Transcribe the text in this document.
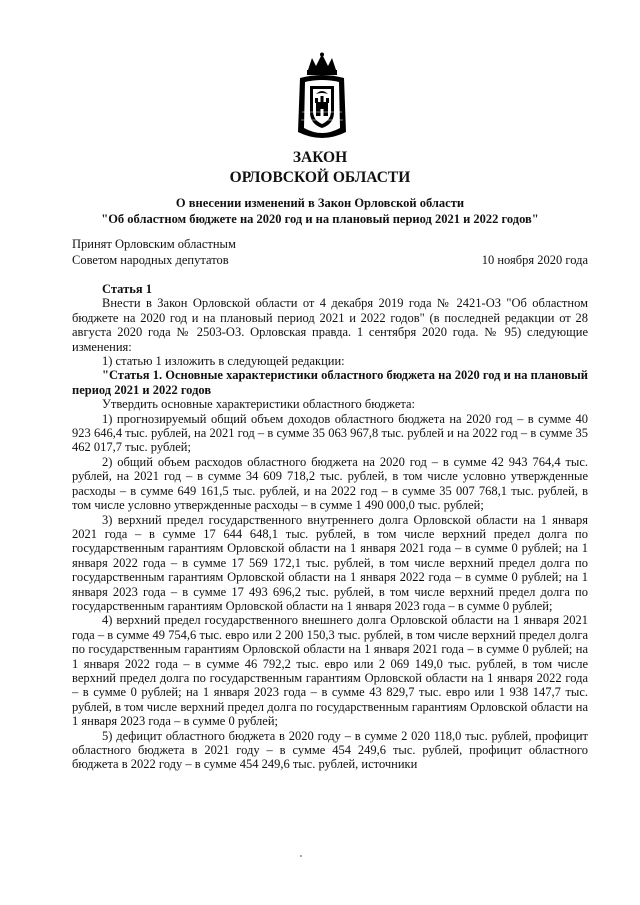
ЗАКОН
ОРЛОВСКОЙ ОБЛАСТИ
О внесении изменений в Закон Орловской области
"Об областном бюджете на 2020 год и на плановый период 2021 и 2022 годов"
Принят Орловским областным
Советом народных депутатов	10 ноября 2020 года

Статья 1

Внести в Закон Орловской области от 4 декабря 2019 года № 2421-ОЗ "Об областном бюджете на 2020 год и на плановый период 2021 и 2022 годов" (в последней редакции от 28 августа 2020 года № 2503-ОЗ. Орловская правда. 1 сентября 2020 года. № 95) следующие изменения:

1) статью 1 изложить в следующей редакции:

"Статья 1. Основные характеристики областного бюджета на 2020 год и на плановый период 2021 и 2022 годов

Утвердить основные характеристики областного бюджета:

1) прогнозируемый общий объем доходов областного бюджета на 2020 год – в сумме 40 923 646,4 тыс. рублей, на 2021 год – в сумме 35 063 967,8 тыс. рублей и на 2022 год – в сумме 35 462 017,7 тыс. рублей;

2) общий объем расходов областного бюджета на 2020 год – в сумме 42 943 764,4 тыс. рублей, на 2021 год – в сумме 34 609 718,2 тыс. рублей, в том числе условно утвержденные расходы – в сумме 649 161,5 тыс. рублей, и на 2022 год – в сумме 35 007 768,1 тыс. рублей, в том числе условно утвержденные расходы – в сумме 1 490 000,0 тыс. рублей;

3) верхний предел государственного внутреннего долга Орловской области на 1 января 2021 года – в сумме 17 644 648,1 тыс. рублей, в том числе верхний предел долга по государственным гарантиям Орловской области на 1 января 2021 года – в сумме 0 рублей; на 1 января 2022 года – в сумме 17 569 172,1 тыс. рублей, в том числе верхний предел долга по государственным гарантиям Орловской области на 1 января 2022 года – в сумме 0 рублей; на 1 января 2023 года – в сумме 17 493 696,2 тыс. рублей, в том числе верхний предел долга по государственным гарантиям Орловской области на 1 января 2023 года – в сумме 0 рублей;

4) верхний предел государственного внешнего долга Орловской области на 1 января 2021 года – в сумме 49 754,6 тыс. евро или 2 200 150,3 тыс. рублей, в том числе верхний предел долга по государственным гарантиям Орловской области на 1 января 2021 года – в сумме 0 рублей; на 1 января 2022 года – в сумме 46 792,2 тыс. евро или 2 069 149,0 тыс. рублей, в том числе верхний предел долга по государственным гарантиям Орловской области на 1 января 2022 года – в сумме 0 рублей; на 1 января 2023 года – в сумме 43 829,7 тыс. евро или 1 938 147,7 тыс. рублей, в том числе верхний предел долга по государственным гарантиям Орловской области на 1 января 2023 года – в сумме 0 рублей;

5) дефицит областного бюджета в 2020 году – в сумме 2 020 118,0 тыс. рублей, профицит областного бюджета в 2021 году – в сумме 454 249,6 тыс. рублей, профицит областного бюджета в 2022 году – в сумме 454 249,6 тыс. рублей, источники
